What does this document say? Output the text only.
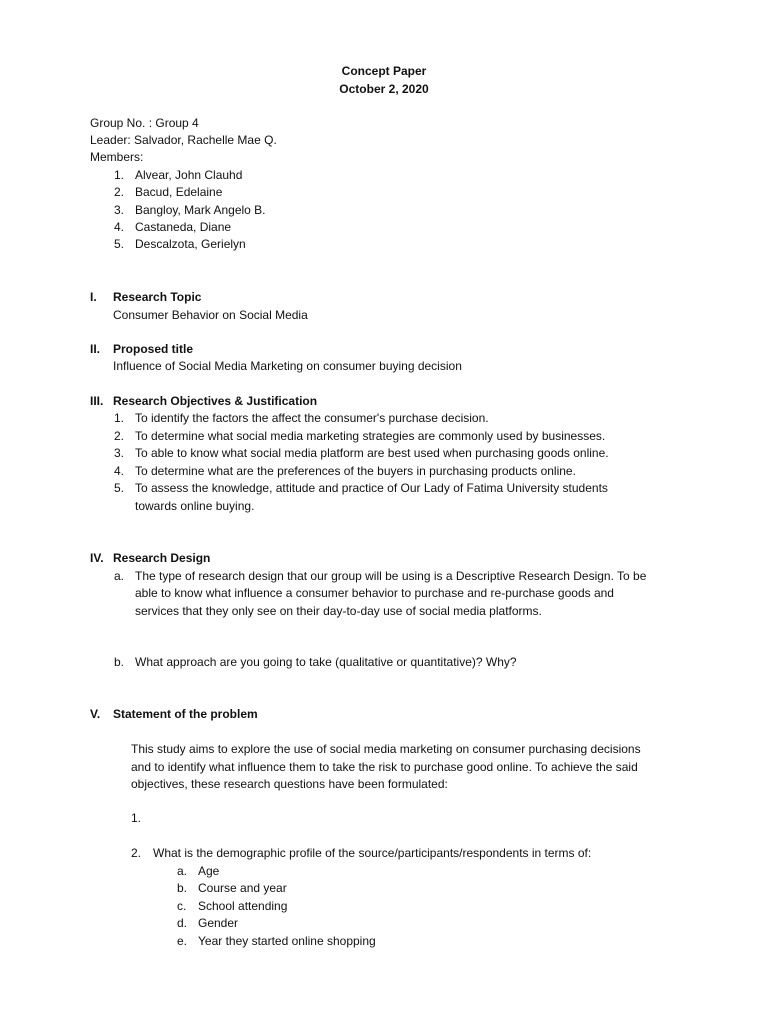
Concept Paper
October 2, 2020
Group No. : Group 4
Leader: Salvador, Rachelle Mae Q.
Members:
1. Alvear, John Clauhd
2. Bacud, Edelaine
3. Bangloy, Mark Angelo B.
4. Castaneda, Diane
5. Descalzota, Gerielyn
I. Research Topic
Consumer Behavior on Social Media
II. Proposed title
Influence of Social Media Marketing on consumer buying decision
III. Research Objectives & Justification
1. To identify the factors the affect the consumer's purchase decision.
2. To determine what social media marketing strategies are commonly used by businesses.
3. To able to know what social media platform are best used when purchasing goods online.
4. To determine what are the preferences of the buyers in purchasing products online.
5. To assess the knowledge, attitude and practice of Our Lady of Fatima University students
towards online buying.
IV. Research Design
a. The type of research design that our group will be using is a Descriptive Research Design. To be
able to know what influence a consumer behavior to purchase and re-purchase goods and
services that they only see on their day-to-day use of social media platforms.
b. What approach are you going to take (qualitative or quantitative)? Why?
V. Statement of the problem
This study aims to explore the use of social media marketing on consumer purchasing decisions
and to identify what influence them to take the risk to purchase good online. To achieve the said
objectives, these research questions have been formulated:
1.
2. What is the demographic profile of the source/participants/respondents in terms of:
a. Age
b. Course and year
c. School attending
d. Gender
e. Year they started online shopping
